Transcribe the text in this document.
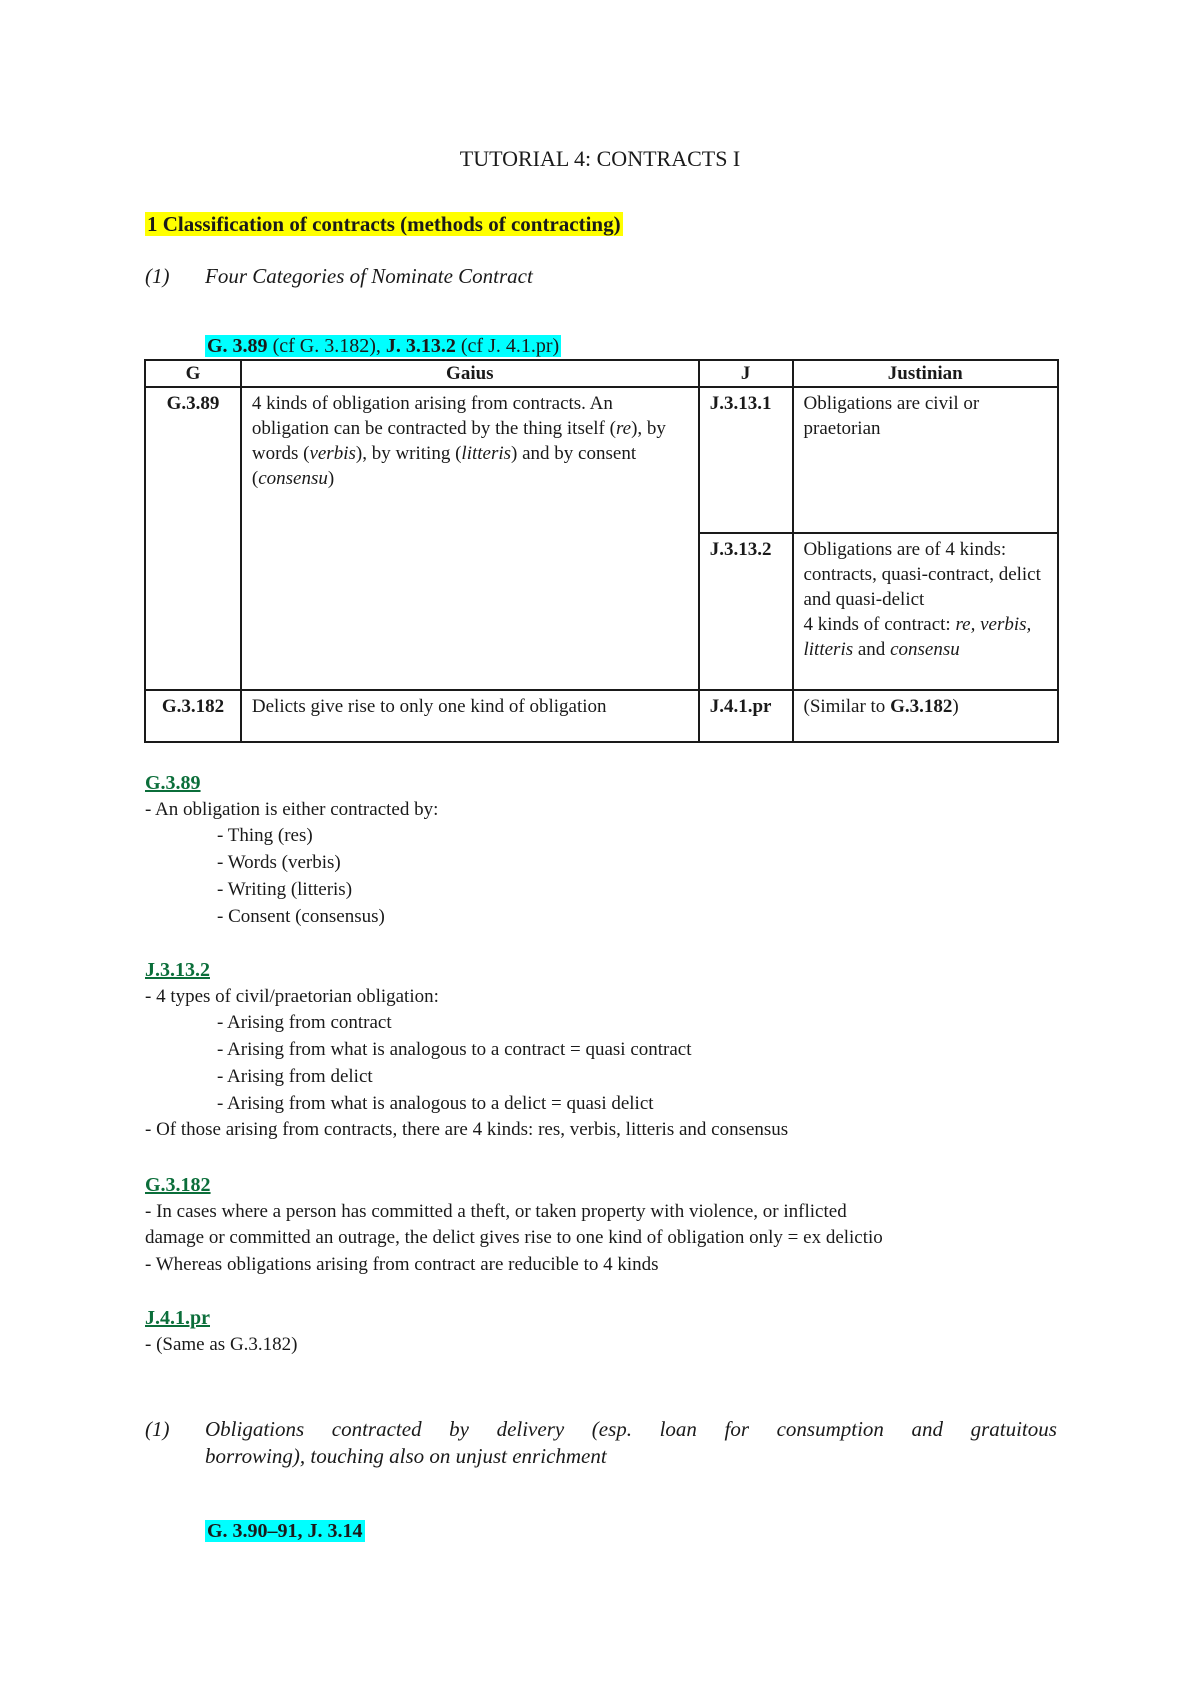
TUTORIAL 4: CONTRACTS I
1 Classification of contracts (methods of contracting)
(1) Four Categories of Nominate Contract
G. 3.89 (cf G. 3.182), J. 3.13.2 (cf J. 4.1.pr)
G	Gaius	J	Justinian
G.3.89	4 kinds of obligation arising from contracts. An obligation can be contracted by the thing itself (re), by words (verbis), by writing (litteris) and by consent (consensu)	J.3.13.1	Obligations are civil or praetorian
		J.3.13.2	Obligations are of 4 kinds: contracts, quasi-contract, delict and quasi-delict
4 kinds of contract: re, verbis, litteris and consensu
G.3.182	Delicts give rise to only one kind of obligation	J.4.1.pr	(Similar to G.3.182)
G.3.89
- An obligation is either contracted by:
- Thing (res)
- Words (verbis)
- Writing (litteris)
- Consent (consensus)
J.3.13.2
- 4 types of civil/praetorian obligation:
- Arising from contract
- Arising from what is analogous to a contract = quasi contract
- Arising from delict
- Arising from what is analogous to a delict = quasi delict
- Of those arising from contracts, there are 4 kinds: res, verbis, litteris and consensus
G.3.182
- In cases where a person has committed a theft, or taken property with violence, or inflicted
damage or committed an outrage, the delict gives rise to one kind of obligation only = ex delictio
- Whereas obligations arising from contract are reducible to 4 kinds
J.4.1.pr
- (Same as G.3.182)
(1) Obligations contracted by delivery (esp. loan for consumption and gratuitous
borrowing), touching also on unjust enrichment
G. 3.90–91, J. 3.14
